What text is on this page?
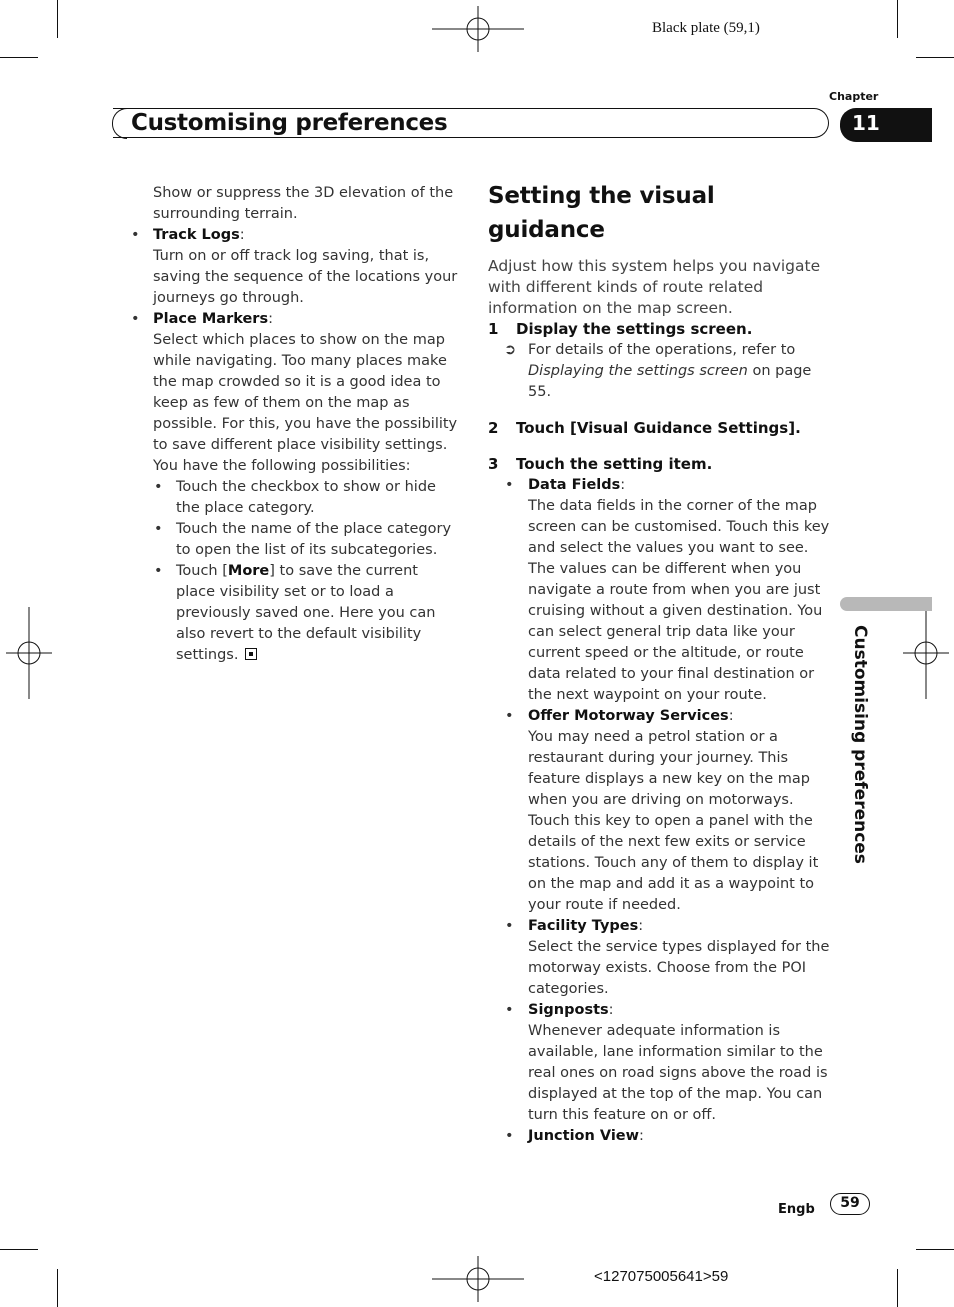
Black plate (59,1)
Chapter
Customising preferences	11
Customising preferences

Show or suppress the 3D elevation of the surrounding terrain.

• Track Logs:

Turn on or off track log saving, that is, saving the sequence of the locations your journeys go through.

• Place Markers:

Select which places to show on the map while navigating. Too many places make the map crowded so it is a good idea to keep as few of them on the map as possible. For this, you have the possibility to save different place visibility settings. You have the following possibilities:

• Touch the checkbox to show or hide the place category.

• Touch the name of the place category to open the list of its subcategories.

• Touch [More] to save the current place visibility set or to load a previously saved one. Here you can also revert to the default visibility settings.

Setting the visual guidance

Adjust how this system helps you navigate with different kinds of route related information on the map screen.

1 Display the settings screen.

➲ For details of the operations, refer to Displaying the settings screen on page 55.

2 Touch [Visual Guidance Settings].

3 Touch the setting item.

• Data Fields:

The data fields in the corner of the map screen can be customised. Touch this key and select the values you want to see. The values can be different when you navigate a route from when you are just cruising without a given destination. You can select general trip data like your current speed or the altitude, or route data related to your final destination or the next waypoint on your route.

• Offer Motorway Services:

You may need a petrol station or a restaurant during your journey. This feature displays a new key on the map when you are driving on motorways. Touch this key to open a panel with the details of the next few exits or service stations. Touch any of them to display it on the map and add it as a waypoint to your route if needed.

• Facility Types:

Select the service types displayed for the motorway exists. Choose from the POI categories.

• Signposts:

Whenever adequate information is available, lane information similar to the real ones on road signs above the road is displayed at the top of the map. You can turn this feature on or off.

• Junction View:

Engb	59
<127075005641>59
